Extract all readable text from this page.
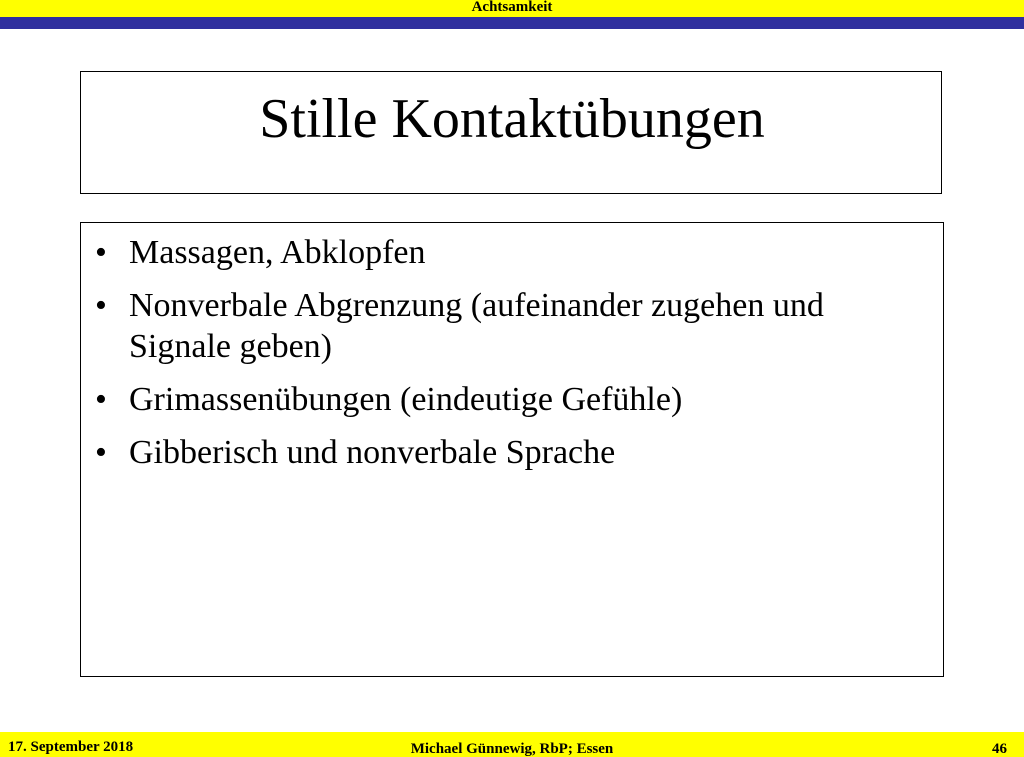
Achtsamkeit
Stille Kontaktübungen
• Massagen, Abklopfen
• Nonverbale Abgrenzung (aufeinander zugehen und Signale geben)
• Grimassenübungen (eindeutige Gefühle)
• Gibberisch und nonverbale Sprache
17. September 2018	Michael Günnewig, RbP; Essen	46
